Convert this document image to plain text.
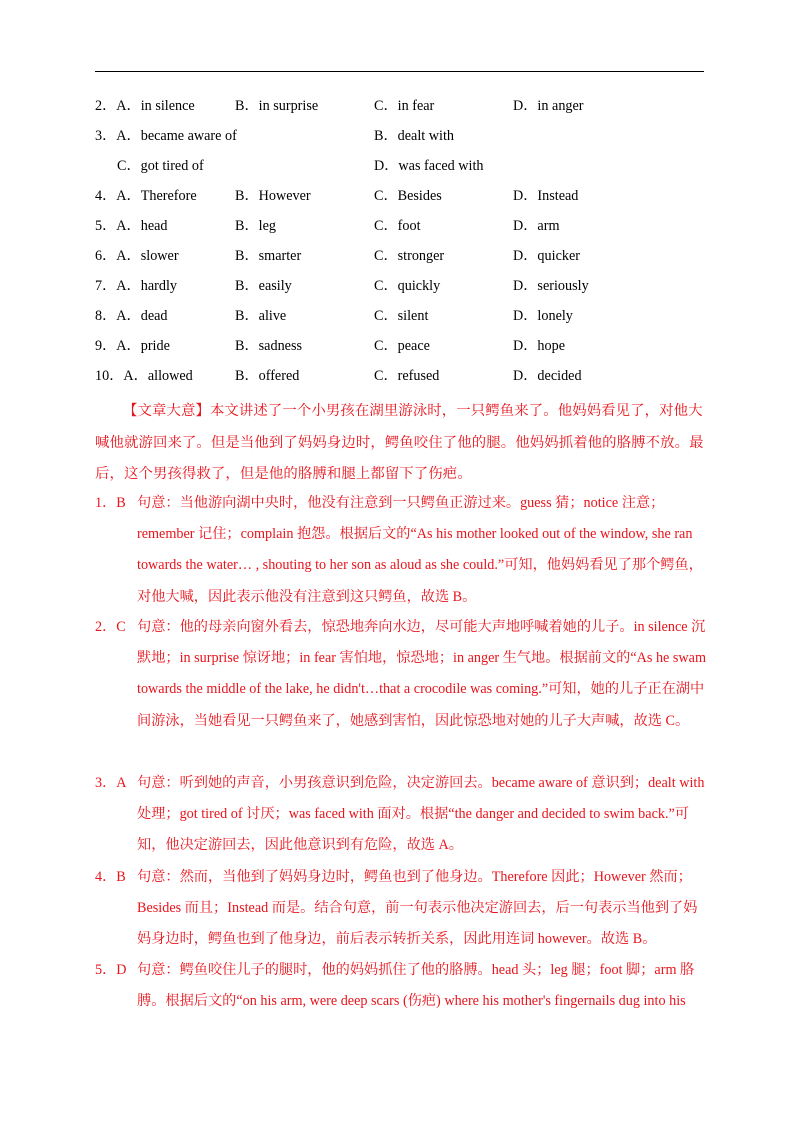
2．A．in silence	B．in surprise	C．in fear	D．in anger
3．A．became aware of	B．dealt with
C．got tired of	D．was faced with
4．A．Therefore	B．However	C．Besides	D．Instead
5．A．head	B．leg	C．foot	D．arm
6．A．slower	B．smarter	C．stronger	D．quicker
7．A．hardly	B．easily	C．quickly	D．seriously
8．A．dead	B．alive	C．silent	D．lonely
9．A．pride	B．sadness	C．peace	D．hope
10．A．allowed	B．offered	C．refused	D．decided
【文章大意】本文讲述了一个小男孩在湖里游泳时，一只鳄鱼来了。他妈妈看见了，对他大喊他就游回来了。但是当他到了妈妈身边时，鳄鱼咬住了他的腿。他妈妈抓着他的胳膊不放。最后，这个男孩得救了，但是他的胳膊和腿上都留下了伤疤。
1．B 句意：当他游向湖中央时，他没有注意到一只鳄鱼正游过来。guess 猜；notice 注意；remember 记住；complain 抱怨。根据后文的“As his mother looked out of the window, she ran towards the water… , shouting to her son as aloud as she could.”可知，他妈妈看见了那个鳄鱼，对他大喊，因此表示他没有注意到这只鳄鱼，故选 B。
2．C 句意：他的母亲向窗外看去，惊恐地奔向水边，尽可能大声地呼喊着她的儿子。in silence 沉默地；in surprise 惊讶地；in fear 害怕地，惊恐地；in anger 生气地。根据前文的“As he swam towards the middle of the lake, he didn't…that a crocodile was coming.”可知，她的儿子正在湖中间游泳，当她看见一只鳄鱼来了，她感到害怕，因此惊恐地对她的儿子大声喊，故选 C。
3．A 句意：听到她的声音，小男孩意识到危险，决定游回去。became aware of 意识到；dealt with 处理；got tired of 讨厌；was faced with 面对。根据“the danger and decided to swim back.”可知，他决定游回去，因此他意识到有危险，故选 A。
4．B 句意：然而，当他到了妈妈身边时，鳄鱼也到了他身边。Therefore 因此；However 然而；Besides 而且；Instead 而是。结合句意，前一句表示他决定游回去，后一句表示当他到了妈妈身边时，鳄鱼也到了他身边，前后表示转折关系，因此用连词 however。故选 B。
5．D 句意：鳄鱼咬住儿子的腿时，他的妈妈抓住了他的胳膊。head 头；leg 腿；foot 脚；arm 胳膊。根据后文的“on his arm, were deep scars (伤疤) where his mother's fingernails dug into his
